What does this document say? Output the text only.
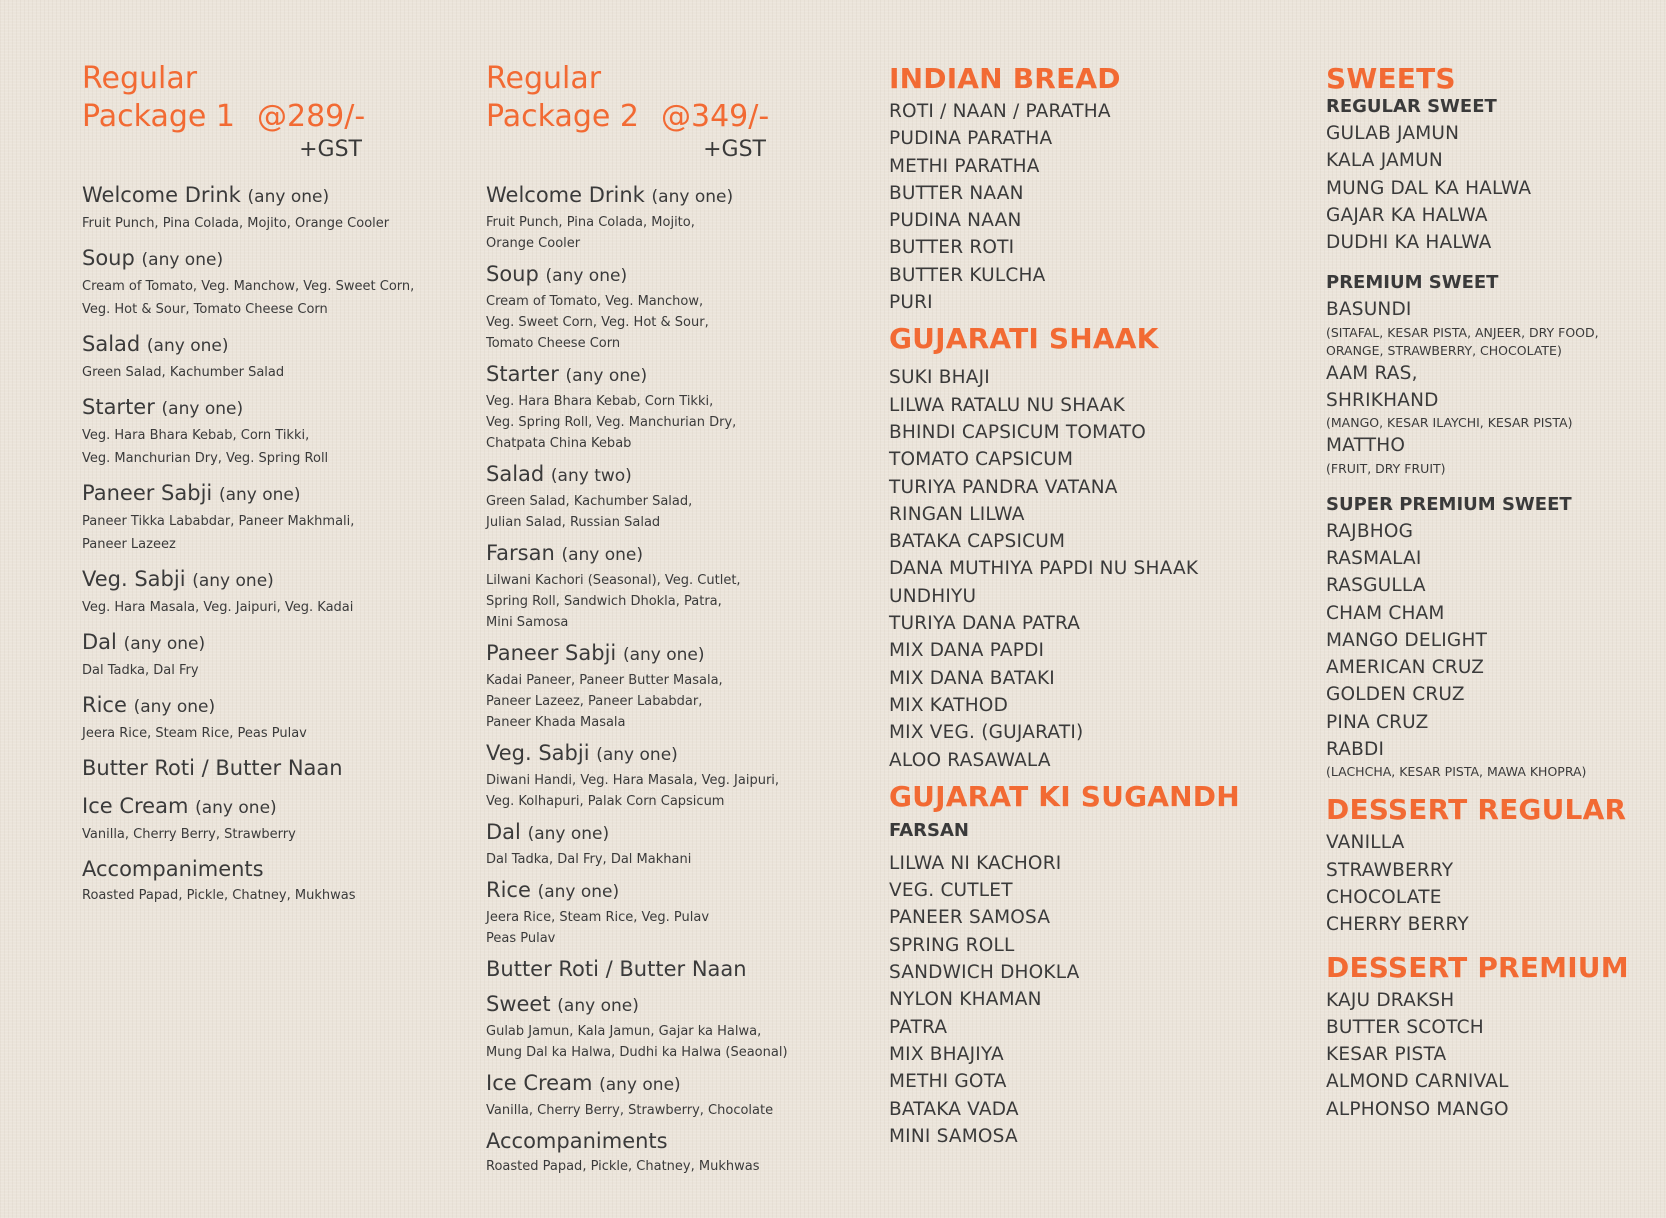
Regular
Package 1 @289/-
+GST
Welcome Drink (any one)
Fruit Punch, Pina Colada, Mojito, Orange Cooler
Soup (any one)
Cream of Tomato, Veg. Manchow, Veg. Sweet Corn,
Veg. Hot & Sour, Tomato Cheese Corn
Salad (any one)
Green Salad, Kachumber Salad
Starter (any one)
Veg. Hara Bhara Kebab, Corn Tikki,
Veg. Manchurian Dry, Veg. Spring Roll
Paneer Sabji (any one)
Paneer Tikka Lababdar, Paneer Makhmali,
Paneer Lazeez
Veg. Sabji (any one)
Veg. Hara Masala, Veg. Jaipuri, Veg. Kadai
Dal (any one)
Dal Tadka, Dal Fry
Rice (any one)
Jeera Rice, Steam Rice, Peas Pulav
Butter Roti / Butter Naan
Ice Cream (any one)
Vanilla, Cherry Berry, Strawberry
Accompaniments
Roasted Papad, Pickle, Chatney, Mukhwas
Regular
Package 2 @349/-
+GST
Welcome Drink (any one)
Fruit Punch, Pina Colada, Mojito,
Orange Cooler
Soup (any one)
Cream of Tomato, Veg. Manchow,
Veg. Sweet Corn, Veg. Hot & Sour,
Tomato Cheese Corn
Starter (any one)
Veg. Hara Bhara Kebab, Corn Tikki,
Veg. Spring Roll, Veg. Manchurian Dry,
Chatpata China Kebab
Salad (any two)
Green Salad, Kachumber Salad,
Julian Salad, Russian Salad
Farsan (any one)
Lilwani Kachori (Seasonal), Veg. Cutlet,
Spring Roll, Sandwich Dhokla, Patra,
Mini Samosa
Paneer Sabji (any one)
Kadai Paneer, Paneer Butter Masala,
Paneer Lazeez, Paneer Lababdar,
Paneer Khada Masala
Veg. Sabji (any one)
Diwani Handi, Veg. Hara Masala, Veg. Jaipuri,
Veg. Kolhapuri, Palak Corn Capsicum
Dal (any one)
Dal Tadka, Dal Fry, Dal Makhani
Rice (any one)
Jeera Rice, Steam Rice, Veg. Pulav
Peas Pulav
Butter Roti / Butter Naan
Sweet (any one)
Gulab Jamun, Kala Jamun, Gajar ka Halwa,
Mung Dal ka Halwa, Dudhi ka Halwa (Seaonal)
Ice Cream (any one)
Vanilla, Cherry Berry, Strawberry, Chocolate
Accompaniments
Roasted Papad, Pickle, Chatney, Mukhwas
INDIAN BREAD
ROTI / NAAN / PARATHA
PUDINA PARATHA
METHI PARATHA
BUTTER NAAN
PUDINA NAAN
BUTTER ROTI
BUTTER KULCHA
PURI
GUJARATI SHAAK
SUKI BHAJI
LILWA RATALU NU SHAAK
BHINDI CAPSICUM TOMATO
TOMATO CAPSICUM
TURIYA PANDRA VATANA
RINGAN LILWA
BATAKA CAPSICUM
DANA MUTHIYA PAPDI NU SHAAK
UNDHIYU
TURIYA DANA PATRA
MIX DANA PAPDI
MIX DANA BATAKI
MIX KATHOD
MIX VEG. (GUJARATI)
ALOO RASAWALA
GUJARAT KI SUGANDH
FARSAN
LILWA NI KACHORI
VEG. CUTLET
PANEER SAMOSA
SPRING ROLL
SANDWICH DHOKLA
NYLON KHAMAN
PATRA
MIX BHAJIYA
METHI GOTA
BATAKA VADA
MINI SAMOSA
SWEETS
REGULAR SWEET
GULAB JAMUN
KALA JAMUN
MUNG DAL KA HALWA
GAJAR KA HALWA
DUDHI KA HALWA
PREMIUM SWEET
BASUNDI
(SITAFAL, KESAR PISTA, ANJEER, DRY FOOD,
ORANGE, STRAWBERRY, CHOCOLATE)
AAM RAS,
SHRIKHAND
(MANGO, KESAR ILAYCHI, KESAR PISTA)
MATTHO
(FRUIT, DRY FRUIT)
SUPER PREMIUM SWEET
RAJBHOG
RASMALAI
RASGULLA
CHAM CHAM
MANGO DELIGHT
AMERICAN CRUZ
GOLDEN CRUZ
PINA CRUZ
RABDI
(LACHCHA, KESAR PISTA, MAWA KHOPRA)
DESSERT REGULAR
VANILLA
STRAWBERRY
CHOCOLATE
CHERRY BERRY
DESSERT PREMIUM
KAJU DRAKSH
BUTTER SCOTCH
KESAR PISTA
ALMOND CARNIVAL
ALPHONSO MANGO
